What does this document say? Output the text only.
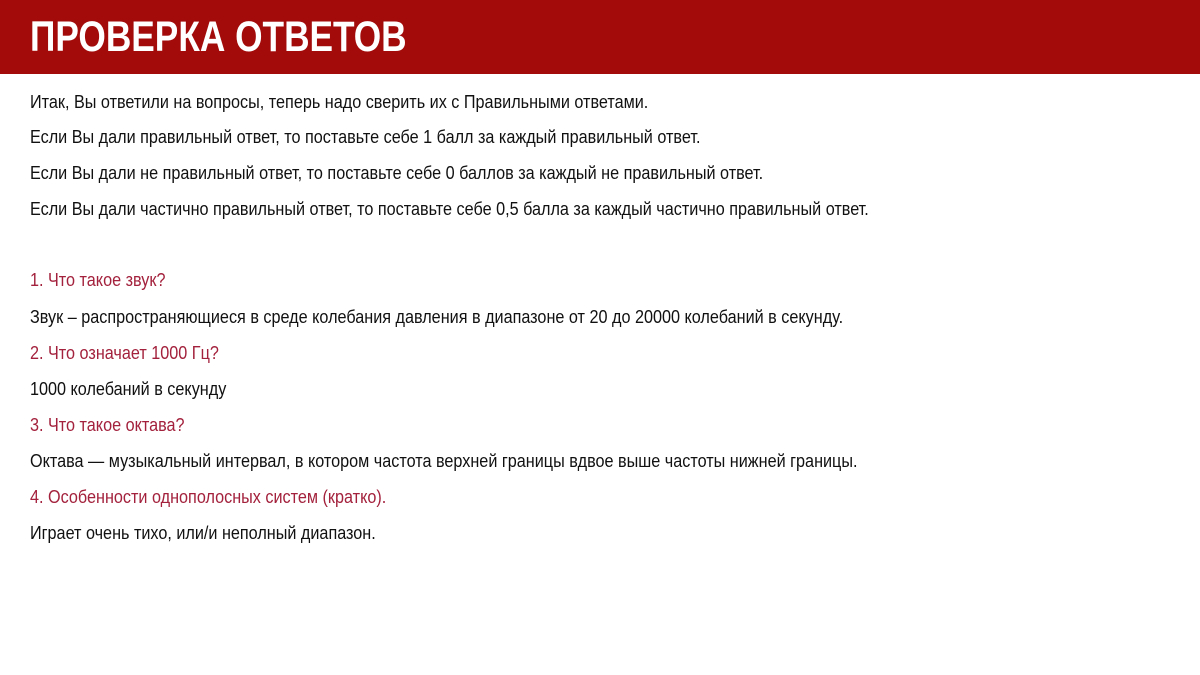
ПРОВЕРКА ОТВЕТОВ

Итак, Вы ответили на вопросы, теперь надо сверить их с Правильными ответами.

Если Вы дали правильный ответ, то поставьте себе 1 балл за каждый правильный ответ.

Если Вы дали не правильный ответ, то поставьте себе 0 баллов за каждый не правильный ответ.

Если Вы дали частично правильный ответ, то поставьте себе 0,5 балла за каждый частично правильный ответ.

1. Что такое звук?

Звук – распространяющиеся в среде колебания давления в диапазоне от 20 до 20000 колебаний в секунду.

2. Что означает 1000 Гц?

1000 колебаний в секунду

3. Что такое октава?

Октава — музыкальный интервал, в котором частота верхней границы вдвое выше частоты нижней границы.

4. Особенности однополосных систем (кратко).

Играет очень тихо, или/и неполный диапазон.
